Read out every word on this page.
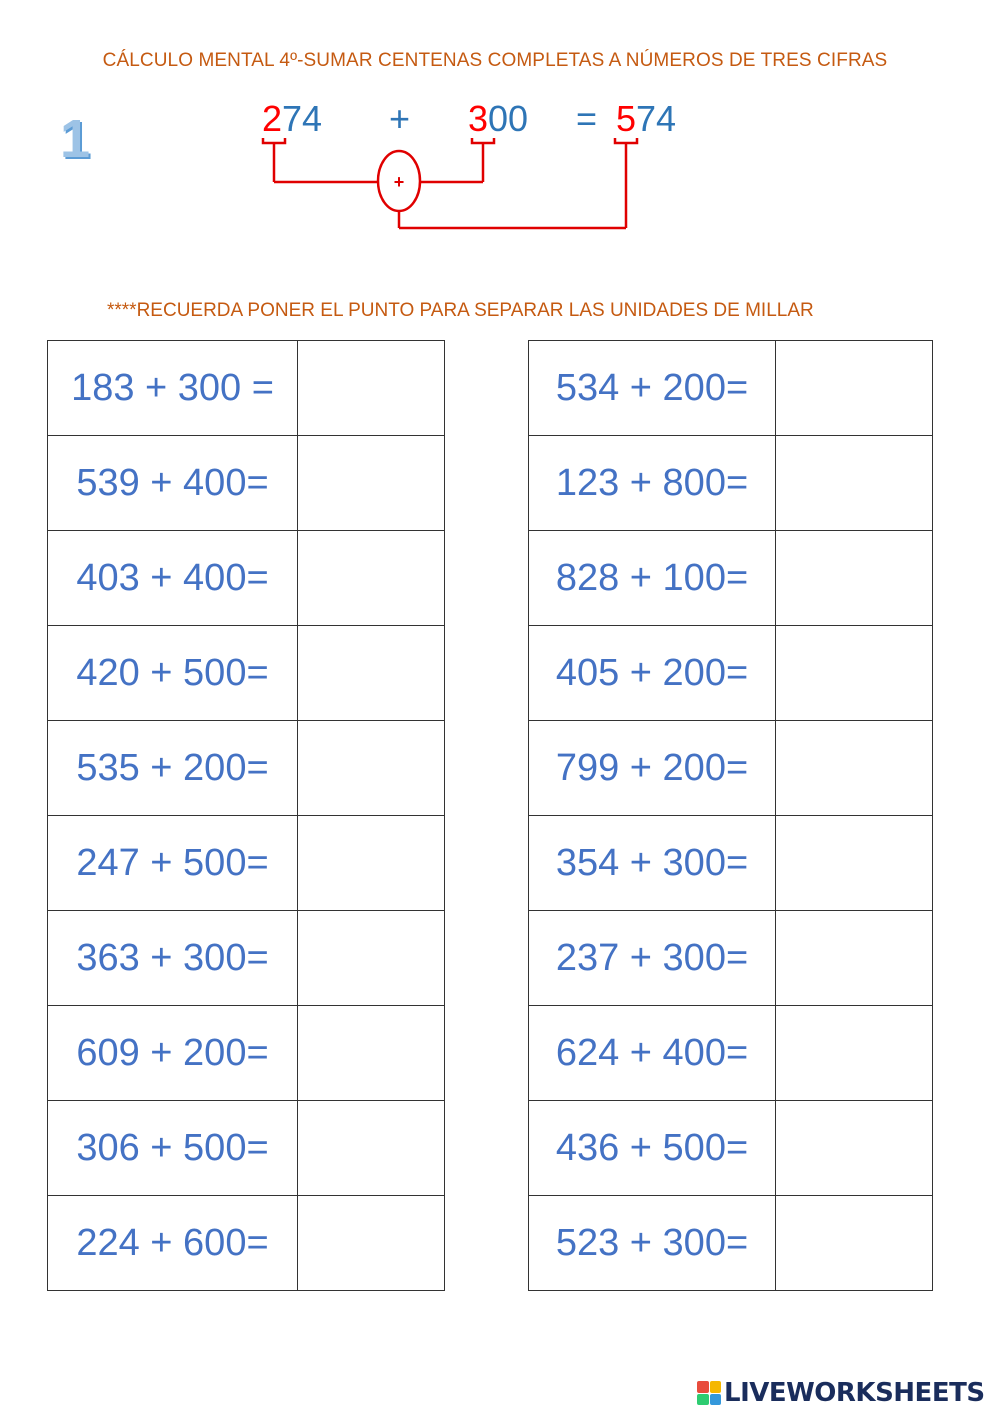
CÁLCULO MENTAL 4º-SUMAR CENTENAS COMPLETAS A NÚMEROS DE TRES CIFRAS
1	274 + 300 = 574
+
****RECUERDA PONER EL PUNTO PARA SEPARAR LAS UNIDADES DE MILLAR
183 + 300 =	
539 + 400=	
403 + 400=	
420 + 500=	
535 + 200=	
247 + 500=	
363 + 300=	
609 + 200=	
306 + 500=	
224 + 600=	
534 + 200=	
123 + 800=	
828 + 100=	
405 + 200=	
799 + 200=	
354 + 300=	
237 + 300=	
624 + 400=	
436 + 500=	
523 + 300=	
LIVEWORKSHEETS
